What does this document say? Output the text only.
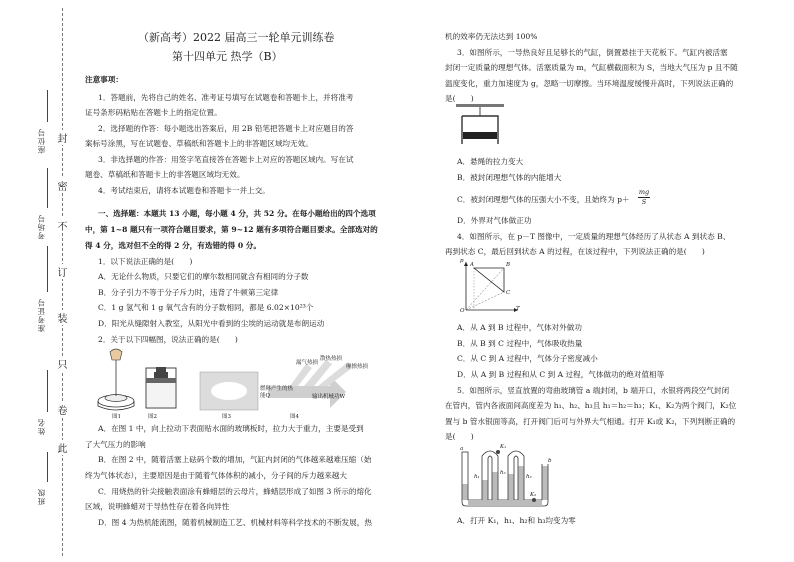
封
密
不
订
装
只
卷
此
座位号
考场号
准考证号
姓名
班级
（新高考）2022 届高三一轮单元训练卷
第十四单元 热学（B）
注意事项：
1．答题前，先将自己的姓名、准考证号填写在试题卷和答题卡上，并将准考
证号条形码粘贴在答题卡上的指定位置。
2．选择题的作答：每小题选出答案后，用 2B 铅笔把答题卡上对应题目的答
案标号涂黑，写在试题卷、草稿纸和答题卡上的非答题区域均无效。
3．非选择题的作答：用签字笔直接答在答题卡上对应的答题区域内。写在试
题卷、草稿纸和答题卡上的非答题区域均无效。
4．考试结束后，请将本试题卷和答题卡一并上交。
一、选择题：本题共 13 小题，每小题 4 分，共 52 分。在每小题给出的四个选项
中，第 1~8 题只有一项符合题目要求，第 9~12 题有多项符合题目要求。全部选对的
得 4 分，选对但不全的得 2 分，有选错的得 0 分。
1．以下说法正确的是(　　)
A．无论什么物质，只要它们的摩尔数相同就含有相同的分子数
B．分子引力不等于分子斥力时，违背了牛顿第三定律
C．1 g 氢气和 1 g 氧气含有的分子数相同，都是 6.02×10²³个
D．阳光从缝隙射入教室，从阳光中看到的尘埃的运动就是布朗运动
2．关于以下四幅图，说法正确的是(　　)
图1	图2	图3	图4
漏气热损
散热热损
摩擦热损
燃料产生的热能Q	输出机械功W
A．在图 1 中，向上拉动下表面贴水面的玻璃板时，拉力大于重力，主要是受到
了大气压力的影响
B．在图 2 中，随着活塞上砝码个数的增加，气缸内封闭的气体越来越难压缩（始
终为气体状态），主要原因是由于随着气体体积的减小，分子间的斥力越来越大
C．用烧热的针尖接触表面涂有蜂蜡层的云母片，蜂蜡层形成了如图 3 所示的熔化
区域，说明蜂蜡对于导热性存在着各向异性
D．图 4 为热机能流图，随着机械制造工艺、机械材料等科学技术的不断发展，热
机的效率仍无法达到 100%
3．如图所示，一导热良好且足够长的气缸，倒置悬挂于天花板下。气缸内被活塞
封闭一定质量的理想气体。活塞质量为 m，气缸横截面积为 S，当地大气压为 p 且不随
温度变化，重力加速度为 g，忽略一切摩擦。当环境温度缓慢升高时，下列说法正确的
是(　　)
A．悬绳的拉力变大
B．被封闭理想气体的内能增大
C．被封闭理想气体的压强大小不变，且始终为 p＋
mg
S
D．外界对气体做正功
4．如图所示，在 p－T 图像中，一定质量的理想气体经历了从状态 A 到状态 B、
再到状态 C，最后回到状态 A 的过程，在该过程中，下列说法正确的是(　　)
p
T
O
A	B
C
A．从 A 到 B 过程中，气体对外做功
B．从 B 到 C 过程中，气体吸收热量
C．从 C 到 A 过程中，气体分子密度减小
D．从 A 到 B 过程和从 C 到 A 过程，气体做功的绝对值相等
5．如图所示，竖直放置的弯曲玻璃管 a 端封闭，b 端开口，水银将两段空气封闭
在管内，管内各液面间高度差为 h₁、h₂、h₃且 h₁＝h₂＝h₃；K₁、K₂为两个阀门，K₂位
置与 b 管水银面等高，打开阀门后可与外界大气相通。打开 K₁或 K₂，下列判断正确的
是(　　)
a
b
K₁
K₂
h₁
h₂
h₃
A．打开 K₁，h₁、h₂和 h₃均变为零
